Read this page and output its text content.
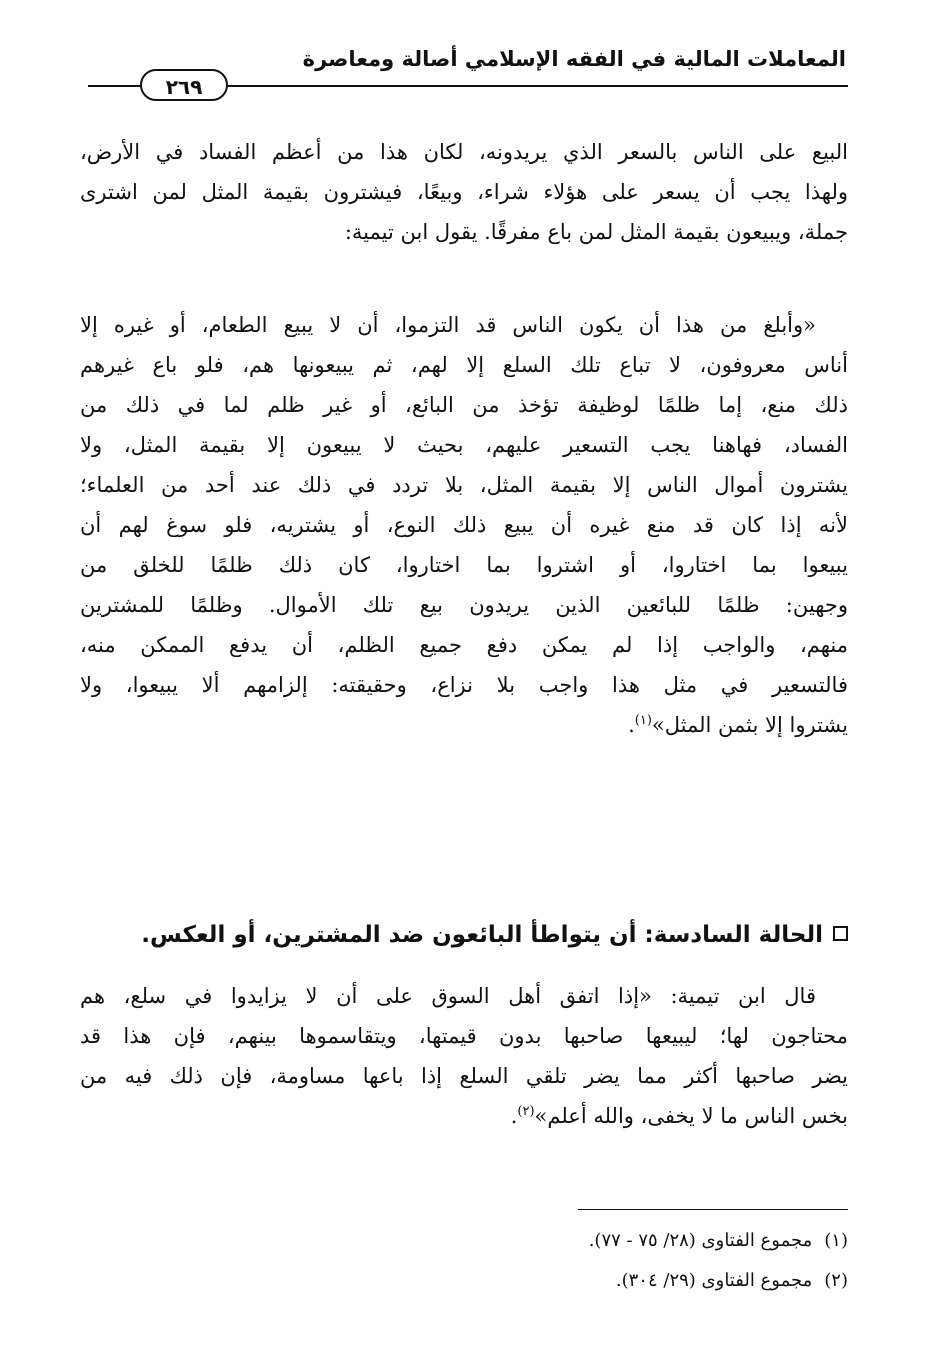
المعاملات المالية في الفقه الإسلامي أصالة ومعاصرة
٢٦٩
البيع على الناس بالسعر الذي يريدونه، لكان هذا من أعظم الفساد في الأرض،
ولهذا يجب أن يسعر على هؤلاء شراء، وبيعًا، فيشترون بقيمة المثل لمن اشترى
جملة، ويبيعون بقيمة المثل لمن باع مفرقًا. يقول ابن تيمية:
«وأبلغ من هذا أن يكون الناس قد التزموا، أن لا يبيع الطعام، أو غيره إلا
أناس معروفون، لا تباع تلك السلع إلا لهم، ثم يبيعونها هم، فلو باع غيرهم
ذلك منع، إما ظلمًا لوظيفة تؤخذ من البائع، أو غير ظلم لما في ذلك من
الفساد، فهاهنا يجب التسعير عليهم، بحيث لا يبيعون إلا بقيمة المثل، ولا
يشترون أموال الناس إلا بقيمة المثل، بلا تردد في ذلك عند أحد من العلماء؛
لأنه إذا كان قد منع غيره أن يبيع ذلك النوع، أو يشتريه، فلو سوغ لهم أن
يبيعوا بما اختاروا، أو اشتروا بما اختاروا، كان ذلك ظلمًا للخلق من
وجهين: ظلمًا للبائعين الذين يريدون بيع تلك الأموال. وظلمًا للمشترين
منهم، والواجب إذا لم يمكن دفع جميع الظلم، أن يدفع الممكن منه،
فالتسعير في مثل هذا واجب بلا نزاع، وحقيقته: إلزامهم ألا يبيعوا، ولا
يشتروا إلا بثمن المثل»$^{(١)}$.
الحالة السادسة: أن يتواطأ البائعون ضد المشترين، أو العكس.
قال ابن تيمية: «إذا اتفق أهل السوق على أن لا يزايدوا في سلع، هم
محتاجون لها؛ ليبيعها صاحبها بدون قيمتها، ويتقاسموها بينهم، فإن هذا قد
يضر صاحبها أكثر مما يضر تلقي السلع إذا باعها مساومة، فإن ذلك فيه من
بخس الناس ما لا يخفى، والله أعلم»$^{(٢)}$.
(١)مجموع الفتاوى (٢٨/ ٧٥ - ٧٧).
(٢)مجموع الفتاوى (٢٩/ ٣٠٤).
